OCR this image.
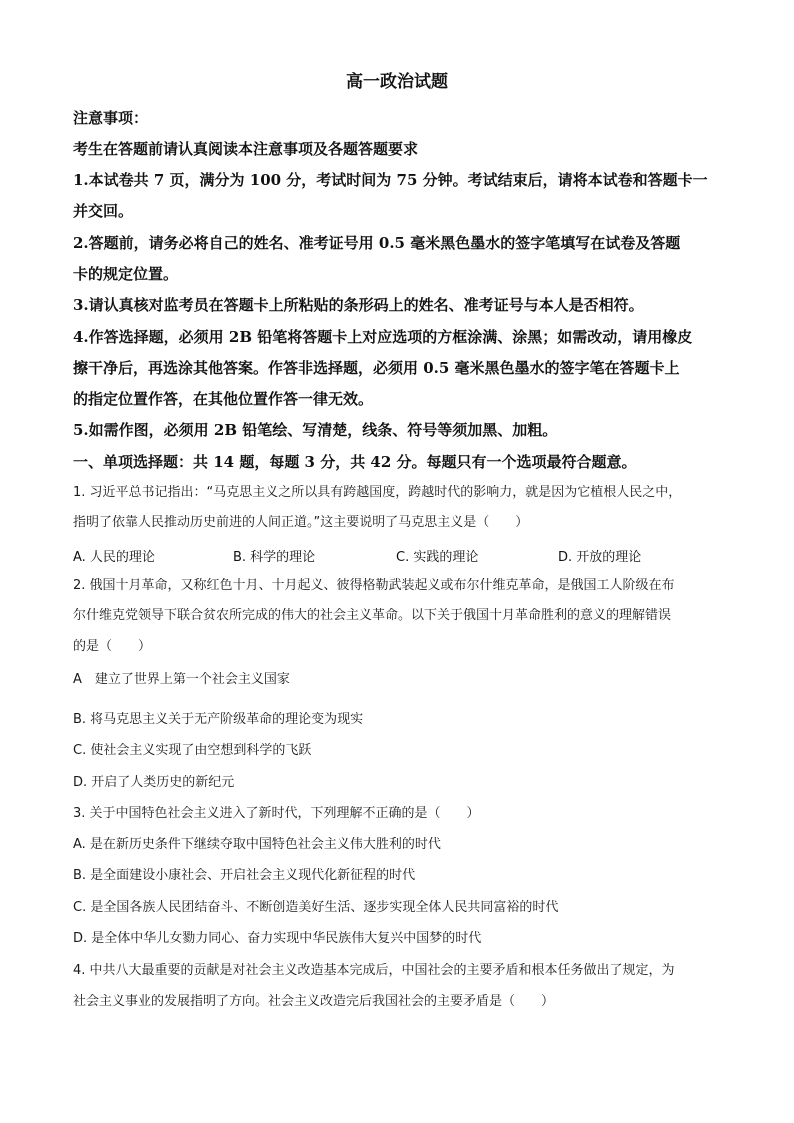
高一政治试题
注意事项：
考生在答题前请认真阅读本注意事项及各题答题要求
1.本试卷共 7 页，满分为 100 分，考试时间为 75 分钟。考试结束后，请将本试卷和答题卡一
并交回。
2.答题前，请务必将自己的姓名、准考证号用 0.5 毫米黑色墨水的签字笔填写在试卷及答题
卡的规定位置。
3.请认真核对监考员在答题卡上所粘贴的条形码上的姓名、准考证号与本人是否相符。
4.作答选择题，必须用 2B 铅笔将答题卡上对应选项的方框涂满、涂黑；如需改动，请用橡皮
擦干净后，再选涂其他答案。作答非选择题，必须用 0.5 毫米黑色墨水的签字笔在答题卡上
的指定位置作答，在其他位置作答一律无效。
5.如需作图，必须用 2B 铅笔绘、写清楚，线条、符号等须加黑、加粗。
一、单项选择题：共 14 题，每题 3 分，共 42 分。每题只有一个选项最符合题意。
1. 习近平总书记指出：“马克思主义之所以具有跨越国度，跨越时代的影响力，就是因为它植根人民之中，
指明了依靠人民推动历史前进的人间正道。”这主要说明了马克思主义是（　　）
A. 人民的理论	B. 科学的理论	C. 实践的理论	D. 开放的理论
2. 俄国十月革命，又称红色十月、十月起义、彼得格勒武装起义或布尔什维克革命，是俄国工人阶级在布
尔什维克党领导下联合贫农所完成的伟大的社会主义革命。以下关于俄国十月革命胜利的意义的理解错误
的是（　　）
A　建立了世界上第一个社会主义国家
B. 将马克思主义关于无产阶级革命的理论变为现实
C. 使社会主义实现了由空想到科学的飞跃
D. 开启了人类历史的新纪元
3. 关于中国特色社会主义进入了新时代，下列理解不正确的是（　　）
A. 是在新历史条件下继续夺取中国特色社会主义伟大胜利的时代
B. 是全面建设小康社会、开启社会主义现代化新征程的时代
C. 是全国各族人民团结奋斗、不断创造美好生活、逐步实现全体人民共同富裕的时代
D. 是全体中华儿女勠力同心、奋力实现中华民族伟大复兴中国梦的时代
4. 中共八大最重要的贡献是对社会主义改造基本完成后，中国社会的主要矛盾和根本任务做出了规定，为
社会主义事业的发展指明了方向。社会主义改造完后我国社会的主要矛盾是（　　）
